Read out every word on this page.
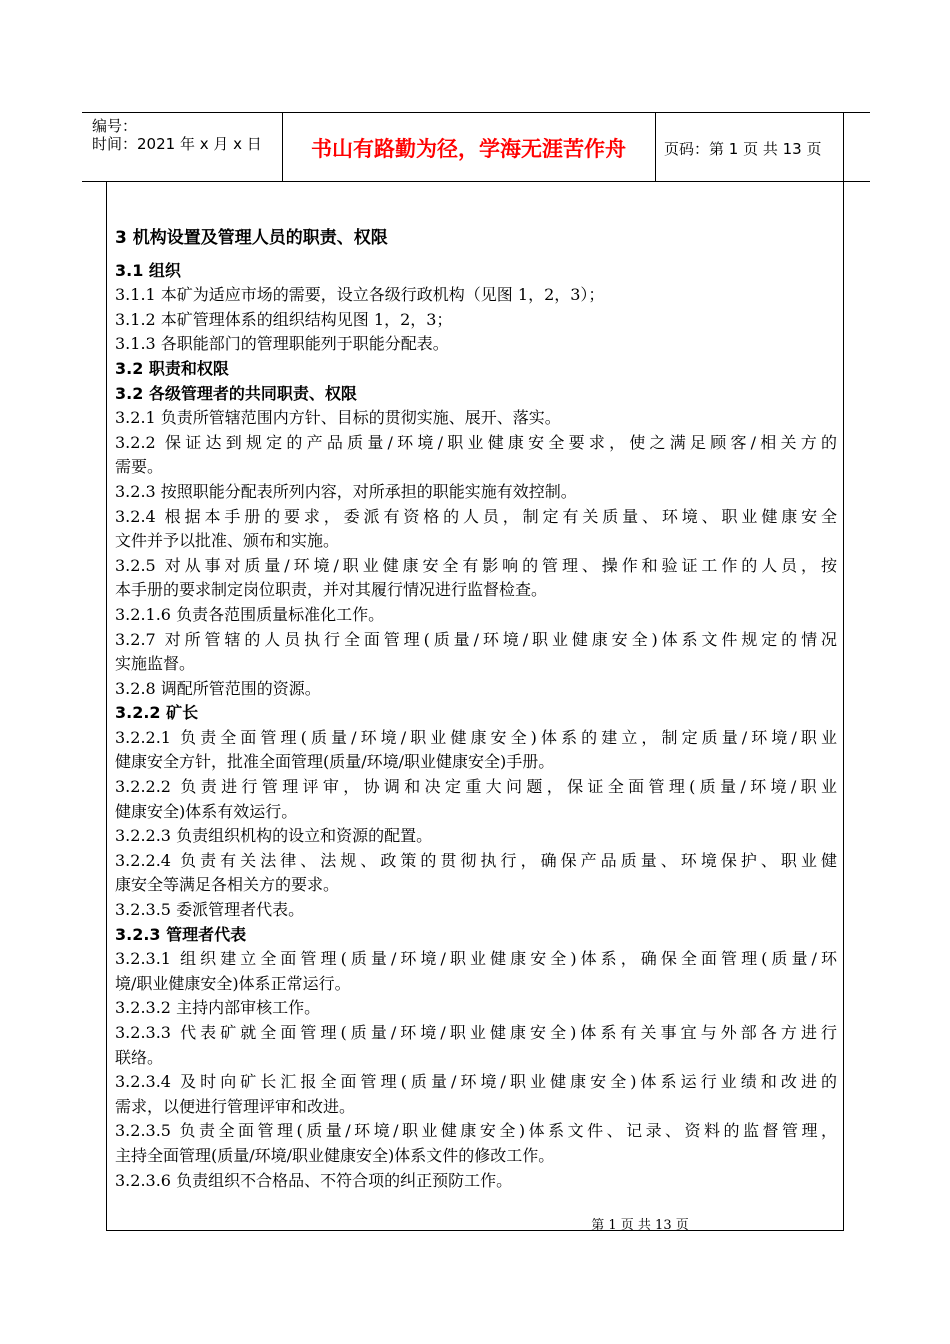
编号：
时间：2021 年 x 月 x 日	书山有路勤为径，学海无涯苦作舟	页码：第 1 页 共 13 页
3 机构设置及管理人员的职责、权限
3.1 组织
3.1.1 本矿为适应市场的需要，设立各级行政机构（见图 1，2，3）；
3.1.2 本矿管理体系的组织结构见图 1，2，3；
3.1.3 各职能部门的管理职能列于职能分配表。
3.2 职责和权限
3.2 各级管理者的共同职责、权限
3.2.1 负责所管辖范围内方针、目标的贯彻实施、展开、落实。
3.2.2 保证达到规定的产品质量/环境/职业健康安全要求，使之满足顾客/相关方的
需要。
3.2.3 按照职能分配表所列内容，对所承担的职能实施有效控制。
3.2.4 根据本手册的要求，委派有资格的人员，制定有关质量、环境、职业健康安全
文件并予以批准、颁布和实施。
3.2.5 对从事对质量/环境/职业健康安全有影响的管理、操作和验证工作的人员，按
本手册的要求制定岗位职责，并对其履行情况进行监督检查。
3.2.1.6 负责各范围质量标准化工作。
3.2.7 对所管辖的人员执行全面管理(质量/环境/职业健康安全)体系文件规定的情况
实施监督。
3.2.8 调配所管范围的资源。
3.2.2 矿长
3.2.2.1 负责全面管理(质量/环境/职业健康安全)体系的建立，制定质量/环境/职业
健康安全方针，批准全面管理(质量/环境/职业健康安全)手册。
3.2.2.2 负责进行管理评审，协调和决定重大问题，保证全面管理(质量/环境/职业
健康安全)体系有效运行。
3.2.2.3 负责组织机构的设立和资源的配置。
3.2.2.4 负责有关法律、法规、政策的贯彻执行，确保产品质量、环境保护、职业健
康安全等满足各相关方的要求。
3.2.3.5 委派管理者代表。
3.2.3 管理者代表
3.2.3.1 组织建立全面管理(质量/环境/职业健康安全)体系，确保全面管理(质量/环
境/职业健康安全)体系正常运行。
3.2.3.2 主持内部审核工作。
3.2.3.3 代表矿就全面管理(质量/环境/职业健康安全)体系有关事宜与外部各方进行
联络。
3.2.3.4 及时向矿长汇报全面管理(质量/环境/职业健康安全)体系运行业绩和改进的
需求，以便进行管理评审和改进。
3.2.3.5 负责全面管理(质量/环境/职业健康安全)体系文件、记录、资料的监督管理，
主持全面管理(质量/环境/职业健康安全)体系文件的修改工作。
3.2.3.6 负责组织不合格品、不符合项的纠正预防工作。
第 1 页 共 13 页
